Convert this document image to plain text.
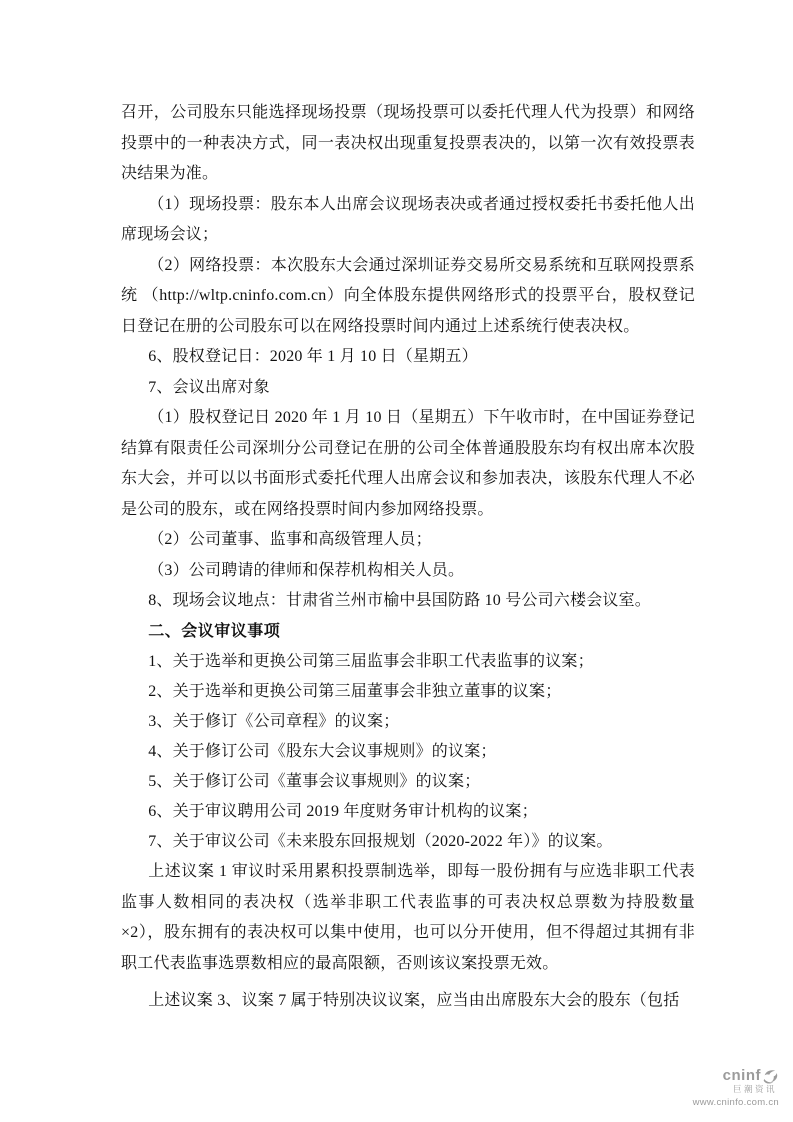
召开，公司股东只能选择现场投票（现场投票可以委托代理人代为投票）和网络投票中的一种表决方式，同一表决权出现重复投票表决的，以第一次有效投票表决结果为准。

（1）现场投票：股东本人出席会议现场表决或者通过授权委托书委托他人出席现场会议；

（2）网络投票：本次股东大会通过深圳证券交易所交易系统和互联网投票系统 （http://wltp.cninfo.com.cn）向全体股东提供网络形式的投票平台，股权登记日登记在册的公司股东可以在网络投票时间内通过上述系统行使表决权。

6、股权登记日：2020 年 1 月 10 日（星期五）

7、会议出席对象

（1）股权登记日 2020 年 1 月 10 日（星期五）下午收市时，在中国证券登记结算有限责任公司深圳分公司登记在册的公司全体普通股股东均有权出席本次股东大会，并可以以书面形式委托代理人出席会议和参加表决，该股东代理人不必是公司的股东，或在网络投票时间内参加网络投票。

（2）公司董事、监事和高级管理人员；

（3）公司聘请的律师和保荐机构相关人员。

8、现场会议地点：甘肃省兰州市榆中县国防路 10 号公司六楼会议室。

二、会议审议事项

1、关于选举和更换公司第三届监事会非职工代表监事的议案；

2、关于选举和更换公司第三届董事会非独立董事的议案；

3、关于修订《公司章程》的议案；

4、关于修订公司《股东大会议事规则》的议案；

5、关于修订公司《董事会议事规则》的议案；

6、关于审议聘用公司 2019 年度财务审计机构的议案；

7、关于审议公司《未来股东回报规划（2020-2022 年）》的议案。

上述议案 1 审议时采用累积投票制选举，即每一股份拥有与应选非职工代表监事人数相同的表决权（选举非职工代表监事的可表决权总票数为持股数量×2），股东拥有的表决权可以集中使用，也可以分开使用，但不得超过其拥有非职工代表监事选票数相应的最高限额，否则该议案投票无效。

上述议案 3、议案 7 属于特别决议议案，应当由出席股东大会的股东（包括

cninf
巨潮资讯
www.cninfo.com.cn
